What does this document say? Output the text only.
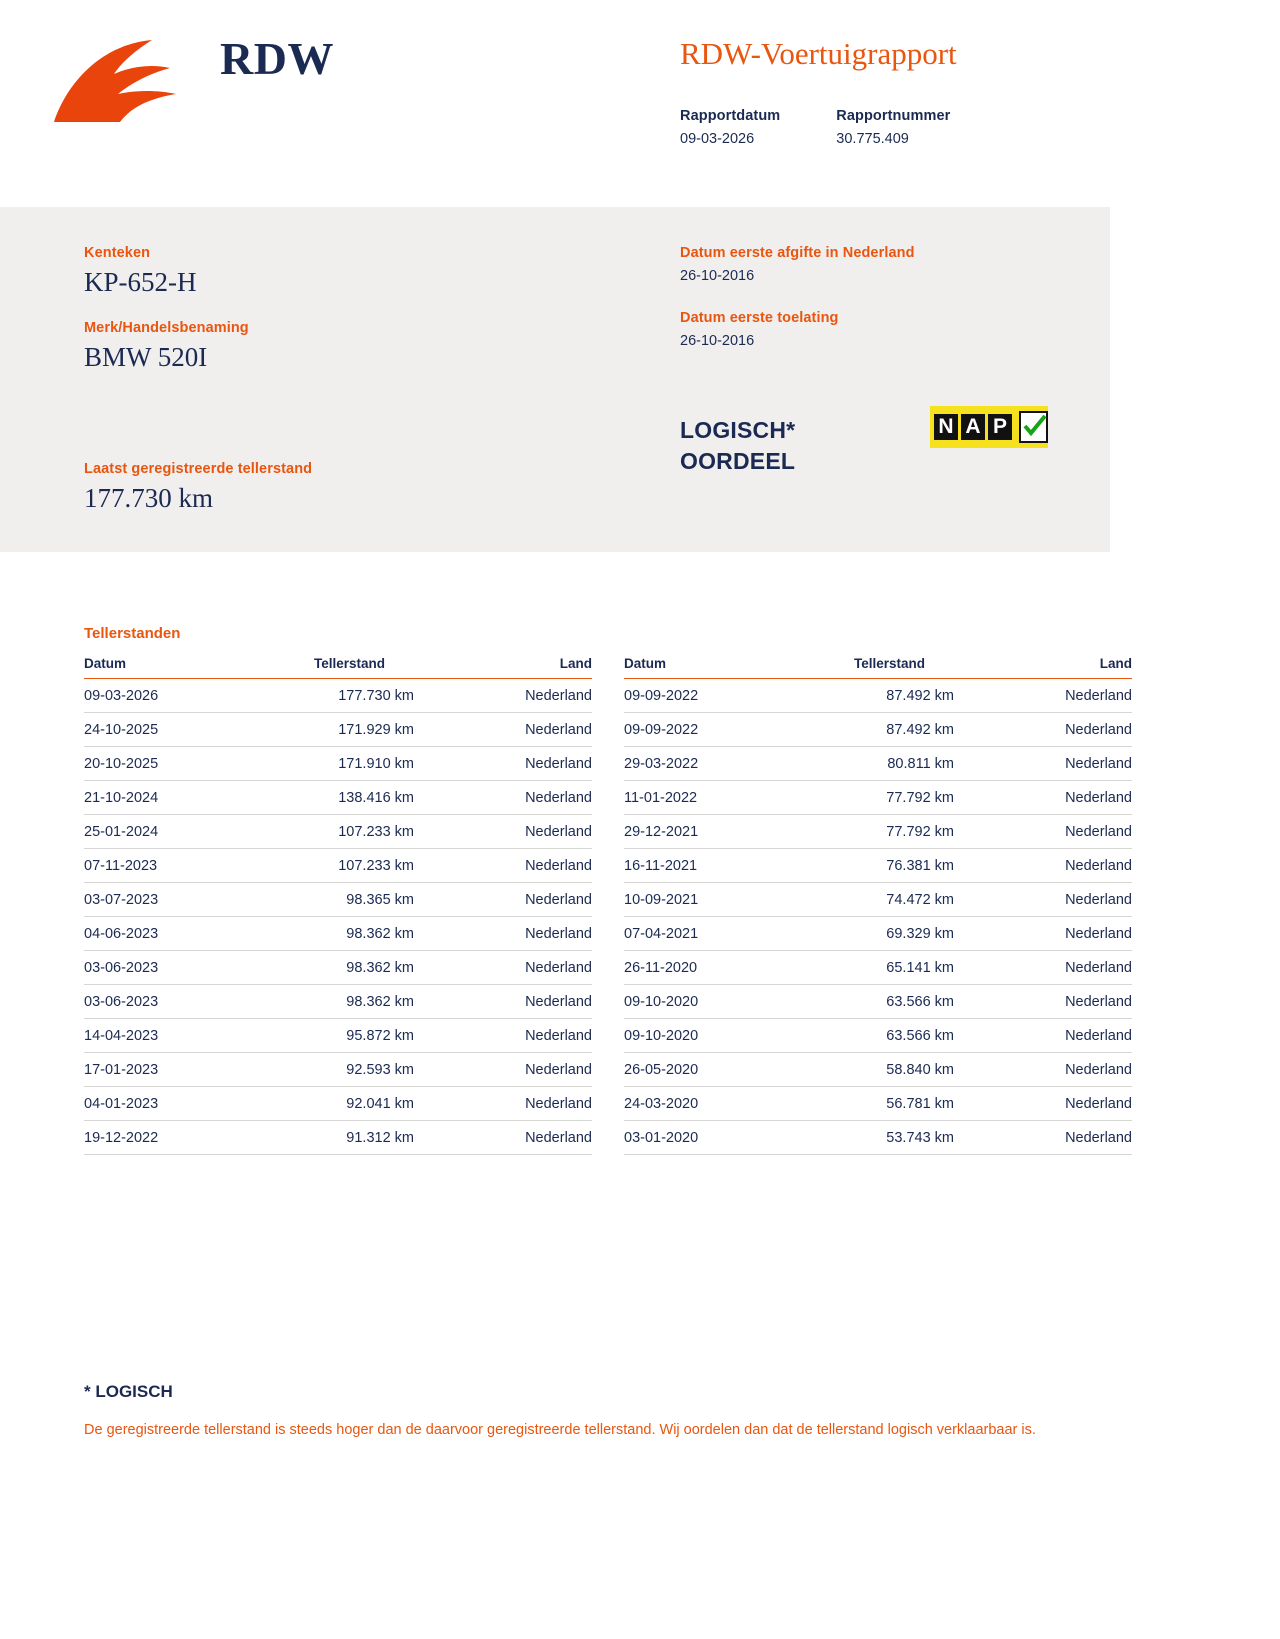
RDW	RDW-Voertuigrapport
Rapportdatum
09-03-2026
Rapportnummer
30.775.409
Kenteken
KP-652-H
Merk/Handelsbenaming
BMW 520I
Laatst geregistreerde tellerstand
177.730 km
Datum eerste afgifte in Nederland
26-10-2016
Datum eerste toelating
26-10-2016
LOGISCH*
OORDEEL
N A P
Tellerstanden
Datum	Tellerstand	Land
09-03-2026	177.730 km	Nederland
24-10-2025	171.929 km	Nederland
20-10-2025	171.910 km	Nederland
21-10-2024	138.416 km	Nederland
25-01-2024	107.233 km	Nederland
07-11-2023	107.233 km	Nederland
03-07-2023	98.365 km	Nederland
04-06-2023	98.362 km	Nederland
03-06-2023	98.362 km	Nederland
03-06-2023	98.362 km	Nederland
14-04-2023	95.872 km	Nederland
17-01-2023	92.593 km	Nederland
04-01-2023	92.041 km	Nederland
19-12-2022	91.312 km	Nederland
Datum	Tellerstand	Land
09-09-2022	87.492 km	Nederland
09-09-2022	87.492 km	Nederland
29-03-2022	80.811 km	Nederland
11-01-2022	77.792 km	Nederland
29-12-2021	77.792 km	Nederland
16-11-2021	76.381 km	Nederland
10-09-2021	74.472 km	Nederland
07-04-2021	69.329 km	Nederland
26-11-2020	65.141 km	Nederland
09-10-2020	63.566 km	Nederland
09-10-2020	63.566 km	Nederland
26-05-2020	58.840 km	Nederland
24-03-2020	56.781 km	Nederland
03-01-2020	53.743 km	Nederland
* LOGISCH
De geregistreerde tellerstand is steeds hoger dan de daarvoor geregistreerde tellerstand. Wij oordelen dan dat de tellerstand logisch verklaarbaar is.
